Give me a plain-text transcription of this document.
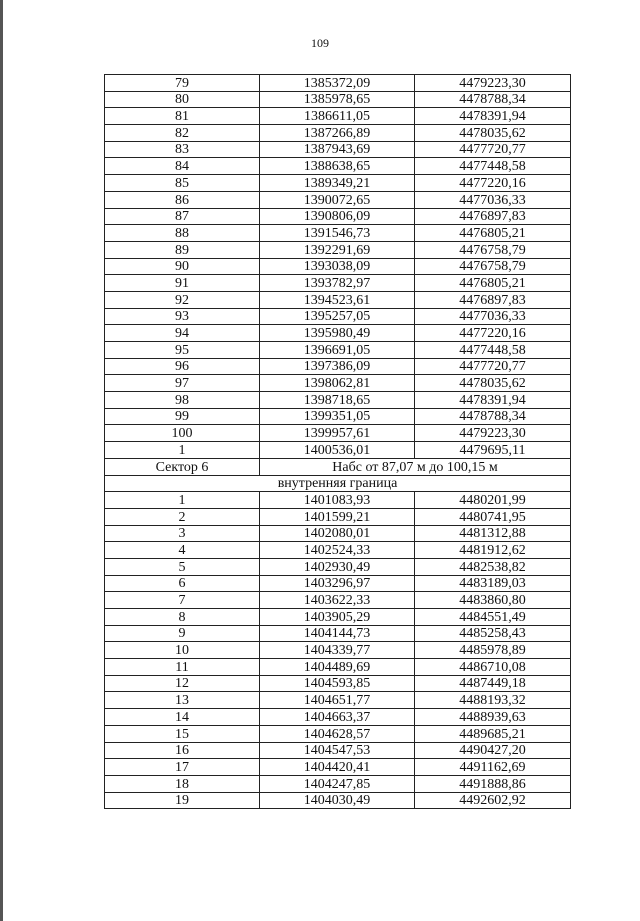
109
79	1385372,09	4479223,30
80	1385978,65	4478788,34
81	1386611,05	4478391,94
82	1387266,89	4478035,62
83	1387943,69	4477720,77
84	1388638,65	4477448,58
85	1389349,21	4477220,16
86	1390072,65	4477036,33
87	1390806,09	4476897,83
88	1391546,73	4476805,21
89	1392291,69	4476758,79
90	1393038,09	4476758,79
91	1393782,97	4476805,21
92	1394523,61	4476897,83
93	1395257,05	4477036,33
94	1395980,49	4477220,16
95	1396691,05	4477448,58
96	1397386,09	4477720,77
97	1398062,81	4478035,62
98	1398718,65	4478391,94
99	1399351,05	4478788,34
100	1399957,61	4479223,30
1	1400536,01	4479695,11
Сектор 6	Набс от 87,07 м до 100,15 м	
внутренняя граница		
1	1401083,93	4480201,99
2	1401599,21	4480741,95
3	1402080,01	4481312,88
4	1402524,33	4481912,62
5	1402930,49	4482538,82
6	1403296,97	4483189,03
7	1403622,33	4483860,80
8	1403905,29	4484551,49
9	1404144,73	4485258,43
10	1404339,77	4485978,89
11	1404489,69	4486710,08
12	1404593,85	4487449,18
13	1404651,77	4488193,32
14	1404663,37	4488939,63
15	1404628,57	4489685,21
16	1404547,53	4490427,20
17	1404420,41	4491162,69
18	1404247,85	4491888,86
19	1404030,49	4492602,92
